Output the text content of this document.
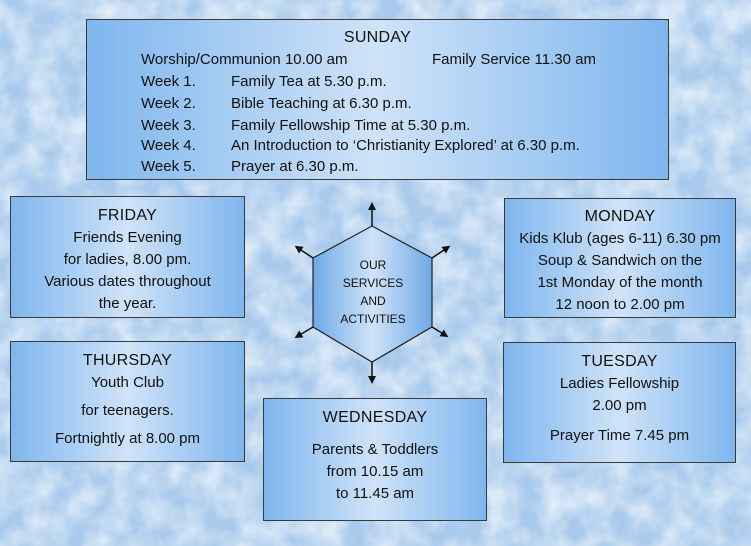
SUNDAY
Worship/Communion 10.00 am	Family Service 11.30 am
Week 1. Family Tea at 5.30 p.m.
Week 2. Bible Teaching at 6.30 p.m.
Week 3. Family Fellowship Time at 5.30 p.m.
Week 4. An Introduction to ‘Christianity Explored’ at 6.30 p.m.
Week 5. Prayer at 6.30 p.m.
FRIDAY
Friends Evening
for ladies, 8.00 pm.
Various dates throughout
the year.
MONDAY
Kids Klub (ages 6-11) 6.30 pm
Soup & Sandwich on the
1st Monday of the month
12 noon to 2.00 pm
THURSDAY
Youth Club
for teenagers.
Fortnightly at 8.00 pm
TUESDAY
Ladies Fellowship
2.00 pm
Prayer Time 7.45 pm
WEDNESDAY
Parents & Toddlers
from 10.15 am
to 11.45 am
OUR
SERVICES
AND
ACTIVITIES
